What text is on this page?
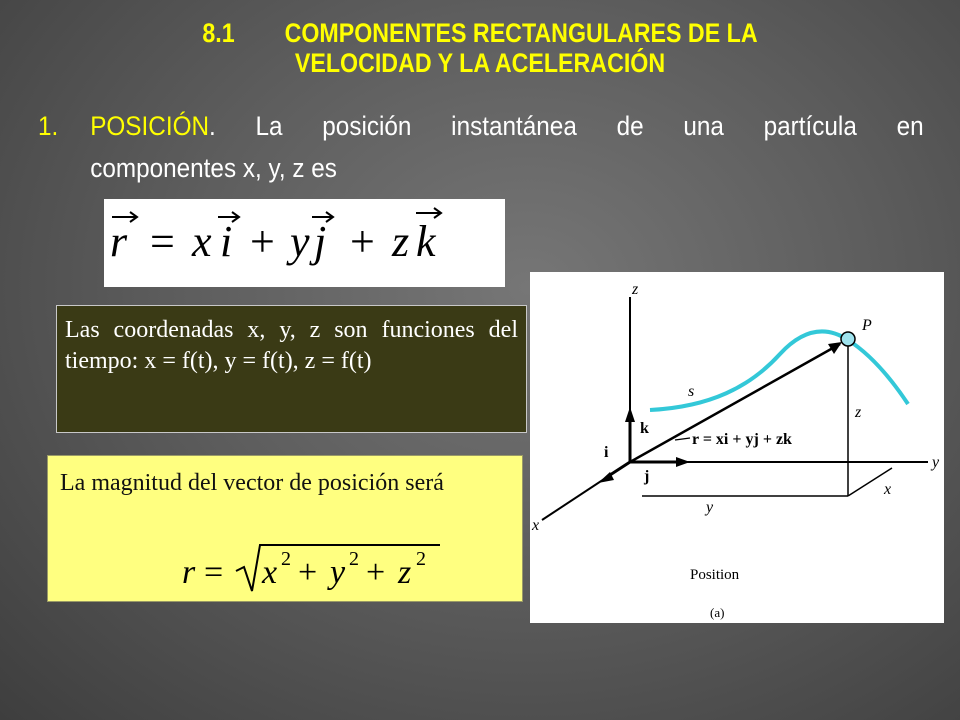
8.1 COMPONENTES RECTANGULARES DE LA
VELOCIDAD Y LA ACELERACIÓN
1. POSICIÓN. La posición instantánea de una partícula en
componentes x, y, z es
r = x i + y j + z k

Las coordenadas x, y, z son funciones del tiempo: x = f(t), y = f(t), z = f(t)

La magnitud del vector de posición será

r = x 2 + y 2 + z 2
z
y
x
P
s
z
x
y
i
j
k
r = xi + yj + zk
Position
(a)
